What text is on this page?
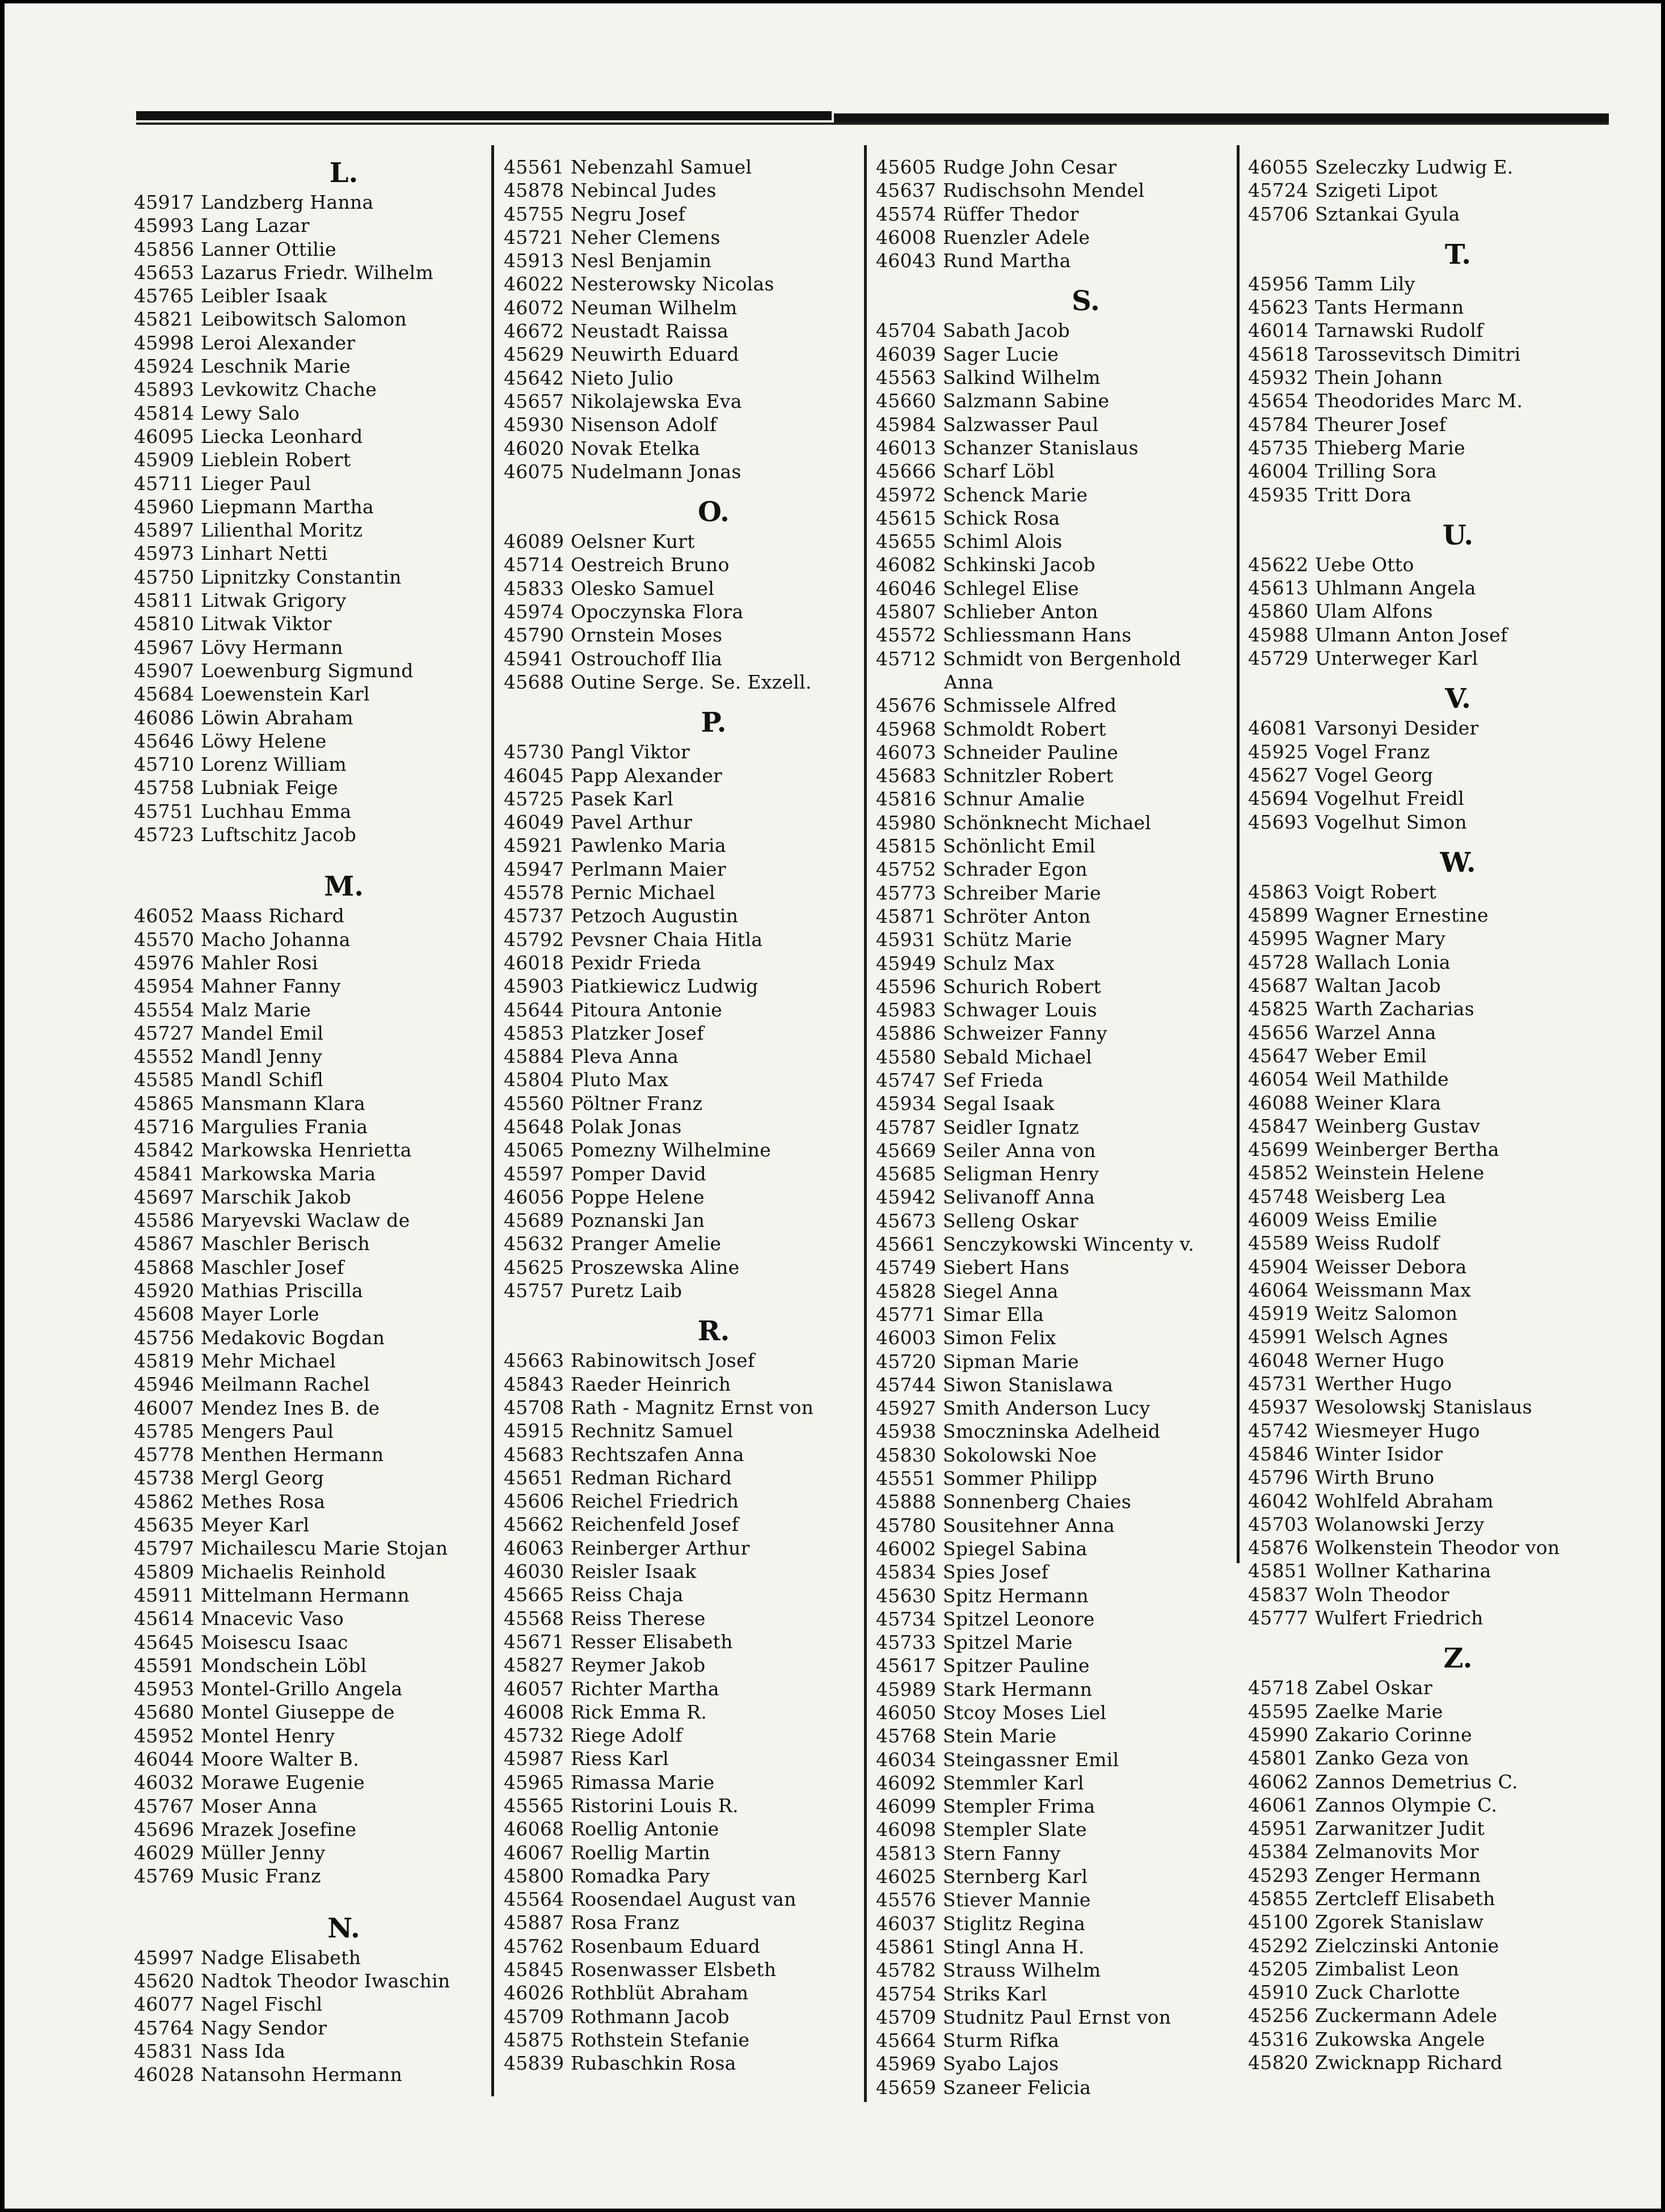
L.
45917 Landzberg Hanna
45993 Lang Lazar
45856 Lanner Ottilie
45653 Lazarus Friedr. Wilhelm
45765 Leibler Isaak
45821 Leibowitsch Salomon
45998 Leroi Alexander
45924 Leschnik Marie
45893 Levkowitz Chache
45814 Lewy Salo
46095 Liecka Leonhard
45909 Lieblein Robert
45711 Lieger Paul
45960 Liepmann Martha
45897 Lilienthal Moritz
45973 Linhart Netti
45750 Lipnitzky Constantin
45811 Litwak Grigory
45810 Litwak Viktor
45967 Lövy Hermann
45907 Loewenburg Sigmund
45684 Loewenstein Karl
46086 Löwin Abraham
45646 Löwy Helene
45710 Lorenz William
45758 Lubniak Feige
45751 Luchhau Emma
45723 Luftschitz Jacob
M.
46052 Maass Richard
45570 Macho Johanna
45976 Mahler Rosi
45954 Mahner Fanny
45554 Malz Marie
45727 Mandel Emil
45552 Mandl Jenny
45585 Mandl Schifl
45865 Mansmann Klara
45716 Margulies Frania
45842 Markowska Henrietta
45841 Markowska Maria
45697 Marschik Jakob
45586 Maryevski Waclaw de
45867 Maschler Berisch
45868 Maschler Josef
45920 Mathias Priscilla
45608 Mayer Lorle
45756 Medakovic Bogdan
45819 Mehr Michael
45946 Meilmann Rachel
46007 Mendez Ines B. de
45785 Mengers Paul
45778 Menthen Hermann
45738 Mergl Georg
45862 Methes Rosa
45635 Meyer Karl
45797 Michailescu Marie Stojan
45809 Michaelis Reinhold
45911 Mittelmann Hermann
45614 Mnacevic Vaso
45645 Moisescu Isaac
45591 Mondschein Löbl
45953 Montel-Grillo Angela
45680 Montel Giuseppe de
45952 Montel Henry
46044 Moore Walter B.
46032 Morawe Eugenie
45767 Moser Anna
45696 Mrazek Josefine
46029 Müller Jenny
45769 Music Franz
N.
45997 Nadge Elisabeth
45620 Nadtok Theodor Iwaschin
46077 Nagel Fischl
45764 Nagy Sendor
45831 Nass Ida
46028 Natansohn Hermann
45561 Nebenzahl Samuel
45878 Nebincal Judes
45755 Negru Josef
45721 Neher Clemens
45913 Nesl Benjamin
46022 Nesterowsky Nicolas
46072 Neuman Wilhelm
46672 Neustadt Raissa
45629 Neuwirth Eduard
45642 Nieto Julio
45657 Nikolajewska Eva
45930 Nisenson Adolf
46020 Novak Etelka
46075 Nudelmann Jonas
O.
46089 Oelsner Kurt
45714 Oestreich Bruno
45833 Olesko Samuel
45974 Opoczynska Flora
45790 Ornstein Moses
45941 Ostrouchoff Ilia
45688 Outine Serge. Se. Exzell.
P.
45730 Pangl Viktor
46045 Papp Alexander
45725 Pasek Karl
46049 Pavel Arthur
45921 Pawlenko Maria
45947 Perlmann Maier
45578 Pernic Michael
45737 Petzoch Augustin
45792 Pevsner Chaia Hitla
46018 Pexidr Frieda
45903 Piatkiewicz Ludwig
45644 Pitoura Antonie
45853 Platzker Josef
45884 Pleva Anna
45804 Pluto Max
45560 Pöltner Franz
45648 Polak Jonas
45065 Pomezny Wilhelmine
45597 Pomper David
46056 Poppe Helene
45689 Poznanski Jan
45632 Pranger Amelie
45625 Proszewska Aline
45757 Puretz Laib
R.
45663 Rabinowitsch Josef
45843 Raeder Heinrich
45708 Rath - Magnitz Ernst von
45915 Rechnitz Samuel
45683 Rechtszafen Anna
45651 Redman Richard
45606 Reichel Friedrich
45662 Reichenfeld Josef
46063 Reinberger Arthur
46030 Reisler Isaak
45665 Reiss Chaja
45568 Reiss Therese
45671 Resser Elisabeth
45827 Reymer Jakob
46057 Richter Martha
46008 Rick Emma R.
45732 Riege Adolf
45987 Riess Karl
45965 Rimassa Marie
45565 Ristorini Louis R.
46068 Roellig Antonie
46067 Roellig Martin
45800 Romadka Pary
45564 Roosendael August van
45887 Rosa Franz
45762 Rosenbaum Eduard
45845 Rosenwasser Elsbeth
46026 Rothblüt Abraham
45709 Rothmann Jacob
45875 Rothstein Stefanie
45839 Rubaschkin Rosa
45605 Rudge John Cesar
45637 Rudischsohn Mendel
45574 Rüffer Thedor
46008 Ruenzler Adele
46043 Rund Martha
S.
45704 Sabath Jacob
46039 Sager Lucie
45563 Salkind Wilhelm
45660 Salzmann Sabine
45984 Salzwasser Paul
46013 Schanzer Stanislaus
45666 Scharf Löbl
45972 Schenck Marie
45615 Schick Rosa
45655 Schiml Alois
46082 Schkinski Jacob
46046 Schlegel Elise
45807 Schlieber Anton
45572 Schliessmann Hans
45712 Schmidt von Bergenhold
Anna
45676 Schmissele Alfred
45968 Schmoldt Robert
46073 Schneider Pauline
45683 Schnitzler Robert
45816 Schnur Amalie
45980 Schönknecht Michael
45815 Schönlicht Emil
45752 Schrader Egon
45773 Schreiber Marie
45871 Schröter Anton
45931 Schütz Marie
45949 Schulz Max
45596 Schurich Robert
45983 Schwager Louis
45886 Schweizer Fanny
45580 Sebald Michael
45747 Sef Frieda
45934 Segal Isaak
45787 Seidler Ignatz
45669 Seiler Anna von
45685 Seligman Henry
45942 Selivanoff Anna
45673 Selleng Oskar
45661 Senczykowski Wincenty v.
45749 Siebert Hans
45828 Siegel Anna
45771 Simar Ella
46003 Simon Felix
45720 Sipman Marie
45744 Siwon Stanislawa
45927 Smith Anderson Lucy
45938 Smoczninska Adelheid
45830 Sokolowski Noe
45551 Sommer Philipp
45888 Sonnenberg Chaies
45780 Sousitehner Anna
46002 Spiegel Sabina
45834 Spies Josef
45630 Spitz Hermann
45734 Spitzel Leonore
45733 Spitzel Marie
45617 Spitzer Pauline
45989 Stark Hermann
46050 Stcoy Moses Liel
45768 Stein Marie
46034 Steingassner Emil
46092 Stemmler Karl
46099 Stempler Frima
46098 Stempler Slate
45813 Stern Fanny
46025 Sternberg Karl
45576 Stiever Mannie
46037 Stiglitz Regina
45861 Stingl Anna H.
45782 Strauss Wilhelm
45754 Striks Karl
45709 Studnitz Paul Ernst von
45664 Sturm Rifka
45969 Syabo Lajos
45659 Szaneer Felicia
46055 Szeleczky Ludwig E.
45724 Szigeti Lipot
45706 Sztankai Gyula
T.
45956 Tamm Lily
45623 Tants Hermann
46014 Tarnawski Rudolf
45618 Tarossevitsch Dimitri
45932 Thein Johann
45654 Theodorides Marc M.
45784 Theurer Josef
45735 Thieberg Marie
46004 Trilling Sora
45935 Tritt Dora
U.
45622 Uebe Otto
45613 Uhlmann Angela
45860 Ulam Alfons
45988 Ulmann Anton Josef
45729 Unterweger Karl
V.
46081 Varsonyi Desider
45925 Vogel Franz
45627 Vogel Georg
45694 Vogelhut Freidl
45693 Vogelhut Simon
W.
45863 Voigt Robert
45899 Wagner Ernestine
45995 Wagner Mary
45728 Wallach Lonia
45687 Waltan Jacob
45825 Warth Zacharias
45656 Warzel Anna
45647 Weber Emil
46054 Weil Mathilde
46088 Weiner Klara
45847 Weinberg Gustav
45699 Weinberger Bertha
45852 Weinstein Helene
45748 Weisberg Lea
46009 Weiss Emilie
45589 Weiss Rudolf
45904 Weisser Debora
46064 Weissmann Max
45919 Weitz Salomon
45991 Welsch Agnes
46048 Werner Hugo
45731 Werther Hugo
45937 Wesolowskj Stanislaus
45742 Wiesmeyer Hugo
45846 Winter Isidor
45796 Wirth Bruno
46042 Wohlfeld Abraham
45703 Wolanowski Jerzy
45876 Wolkenstein Theodor von
45851 Wollner Katharina
45837 Woln Theodor
45777 Wulfert Friedrich
Z.
45718 Zabel Oskar
45595 Zaelke Marie
45990 Zakario Corinne
45801 Zanko Geza von
46062 Zannos Demetrius C.
46061 Zannos Olympie C.
45951 Zarwanitzer Judit
45384 Zelmanovits Mor
45293 Zenger Hermann
45855 Zertcleff Elisabeth
45100 Zgorek Stanislaw
45292 Zielczinski Antonie
45205 Zimbalist Leon
45910 Zuck Charlotte
45256 Zuckermann Adele
45316 Zukowska Angele
45820 Zwicknapp Richard
